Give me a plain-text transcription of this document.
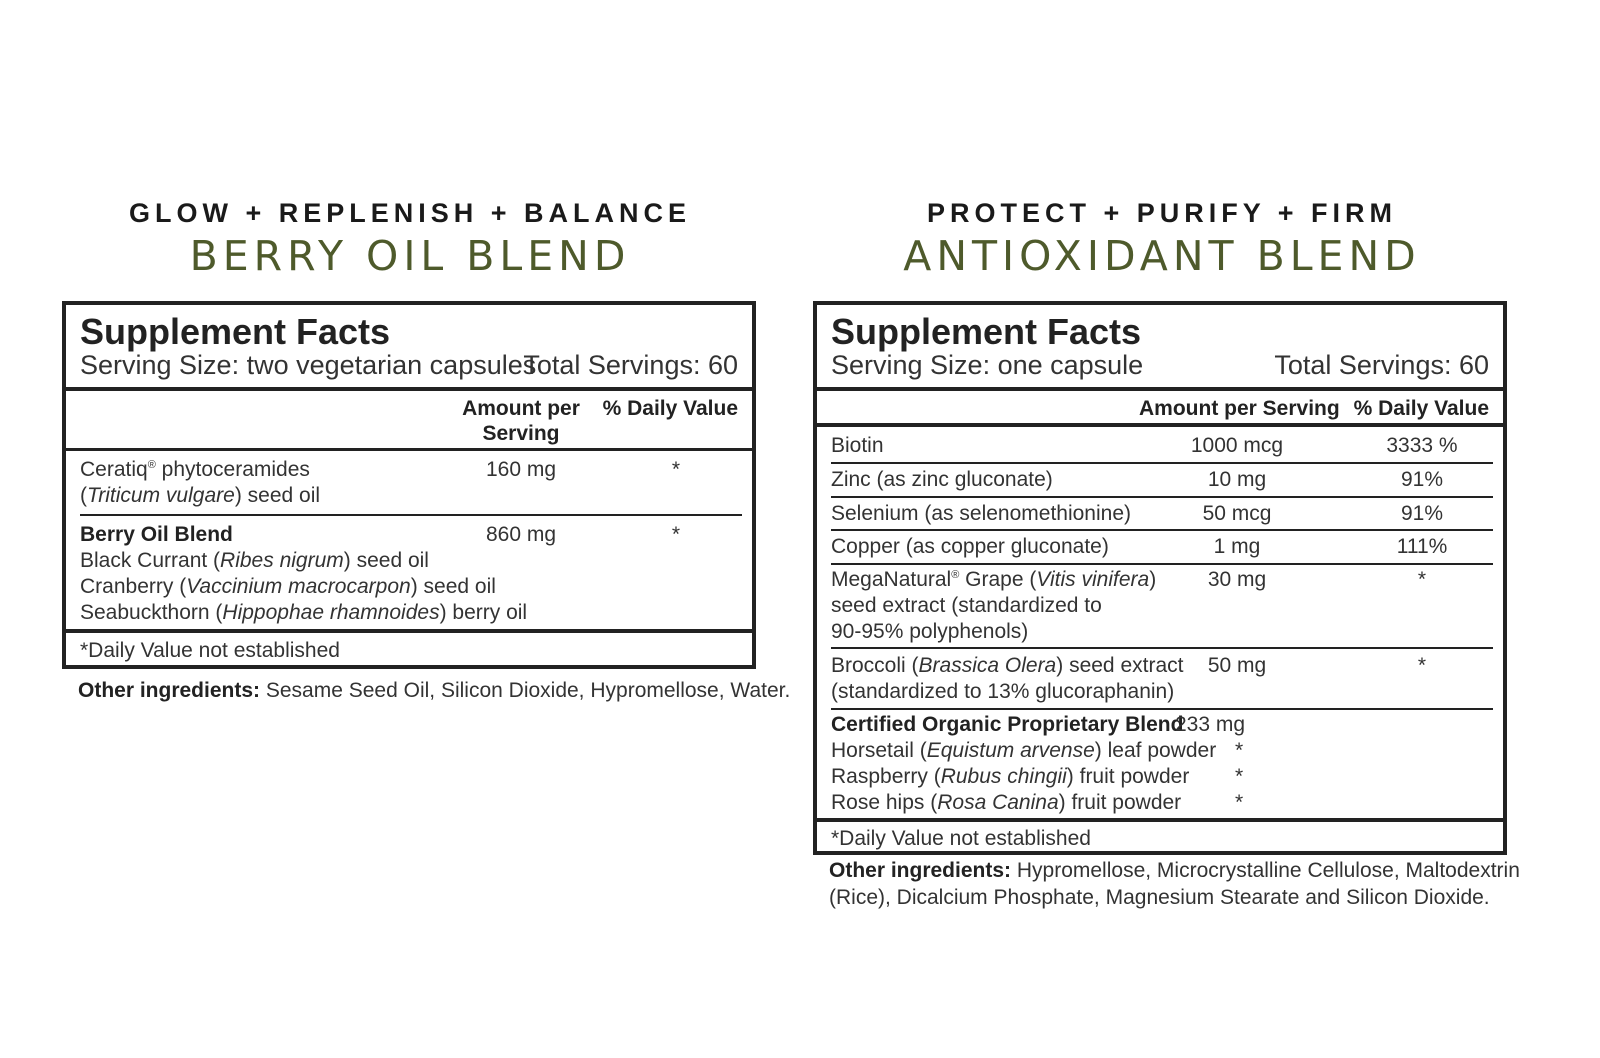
GLOW + REPLENISH + BALANCE
BERRY OIL BLEND
Supplement Facts
Serving Size: two vegetarian capsules
Total Servings: 60
Amount per
Serving
% Daily Value
Ceratiq® phytoceramides
(Triticum vulgare) seed oil
160 mg	*
Berry Oil Blend	860 mg	*
Black Currant (Ribes nigrum) seed oil
Cranberry (Vaccinium macrocarpon) seed oil
Seabuckthorn (Hippophae rhamnoides) berry oil
*Daily Value not established
Other ingredients: Sesame Seed Oil, Silicon Dioxide, Hypromellose, Water.
PROTECT + PURIFY + FIRM
ANTIOXIDANT BLEND
Supplement Facts
Serving Size: one capsule	Total Servings: 60
Amount per Serving % Daily Value
Biotin	1000 mcg	3333 %
Zinc (as zinc gluconate)	10 mg	91%
Selenium (as selenomethionine)	50 mcg	91%
Copper (as copper gluconate)	1 mg	111%
MegaNatural® Grape (Vitis vinifera)
seed extract (standardized to
90-95% polyphenols)
30 mg	*
Broccoli (Brassica Olera) seed extract
(standardized to 13% glucoraphanin)
50 mg	*
Certified Organic Proprietary Blend
233 mg
Horsetail (Equistum arvense) leaf powder *
Raspberry (Rubus chingii) fruit powder *
Rose hips (Rosa Canina) fruit powder	*
*Daily Value not established
Other ingredients: Hypromellose, Microcrystalline Cellulose, Maltodextrin
(Rice), Dicalcium Phosphate, Magnesium Stearate and Silicon Dioxide.
